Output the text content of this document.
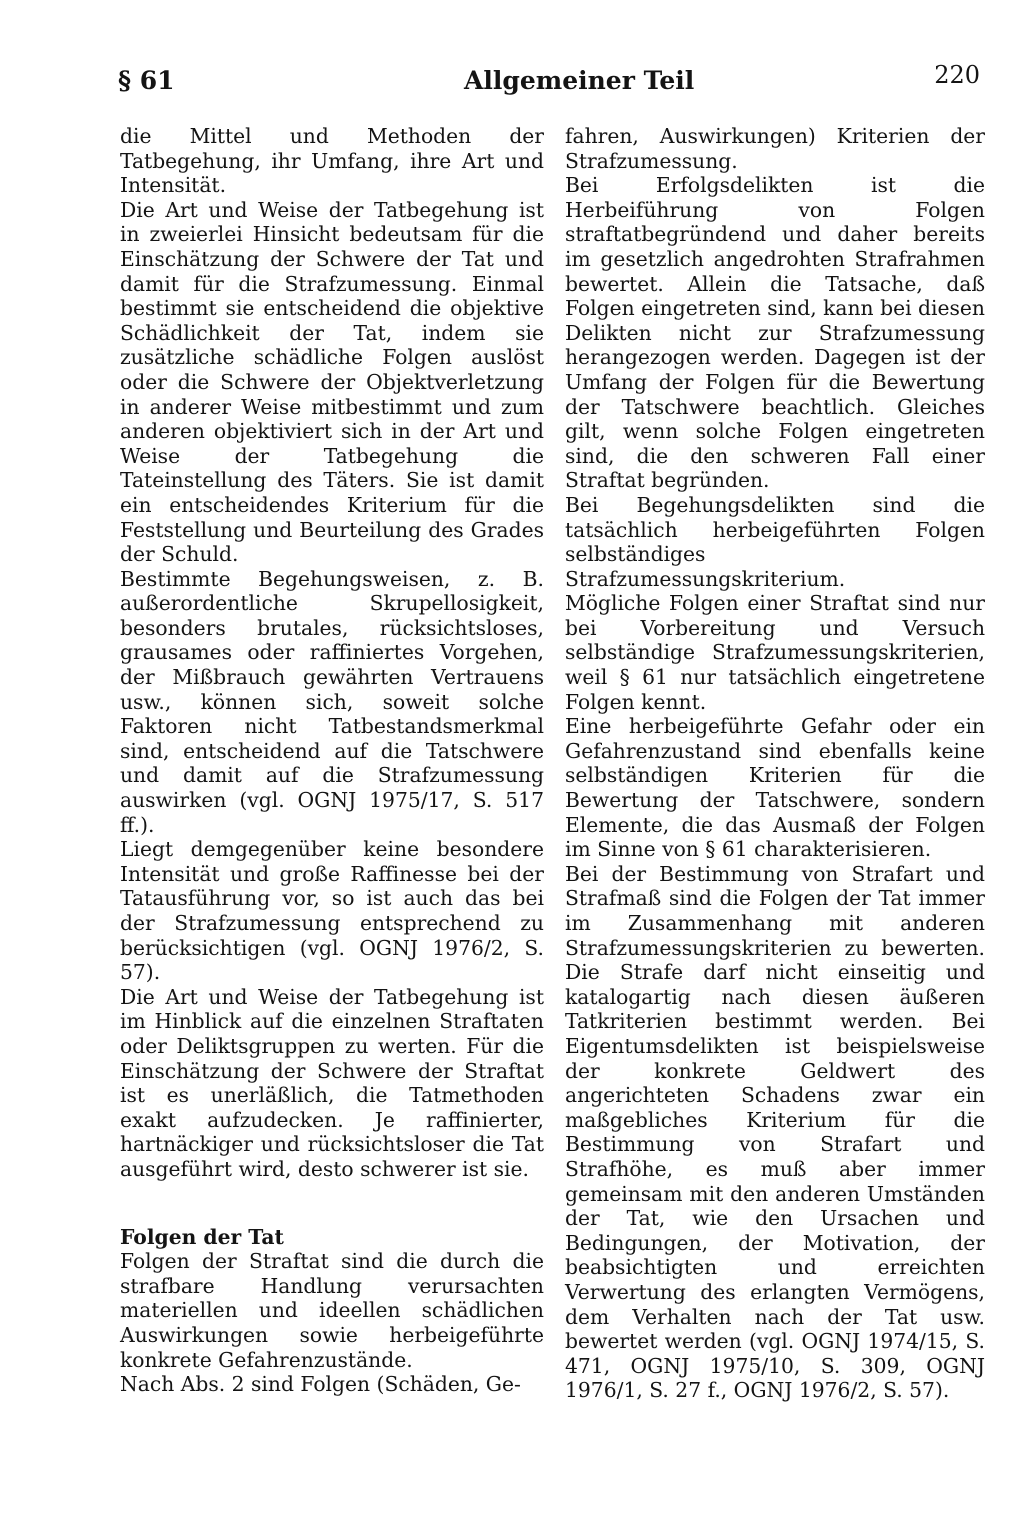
§ 61	Allgemeiner Teil	220

die Mittel und Methoden der Tatbegehung, ihr Umfang, ihre Art und Intensität.

Die Art und Weise der Tatbegehung ist in zweierlei Hinsicht bedeutsam für die Einschätzung der Schwere der Tat und damit für die Strafzumessung. Einmal bestimmt sie entscheidend die objektive Schädlichkeit der Tat, indem sie zusätzliche schädliche Folgen auslöst oder die Schwere der Objektverletzung in anderer Weise mitbestimmt und zum anderen objektiviert sich in der Art und Weise der Tatbegehung die Tateinstellung des Täters. Sie ist damit ein entscheidendes Kriterium für die Feststellung und Beurteilung des Grades der Schuld.

Bestimmte Begehungsweisen, z. B. außerordentliche Skrupellosigkeit, besonders brutales, rücksichtsloses, grausames oder raffiniertes Vorgehen, der Mißbrauch gewährten Vertrauens usw., können sich, soweit solche Faktoren nicht Tatbestandsmerkmal sind, entscheidend auf die Tatschwere und damit auf die Strafzumessung auswirken (vgl. OGNJ 1975/17, S. 517 ff.).

Liegt demgegenüber keine besondere Intensität und große Raffinesse bei der Tatausführung vor, so ist auch das bei der Strafzumessung entsprechend zu berücksichtigen (vgl. OGNJ 1976/2, S. 57).

Die Art und Weise der Tatbegehung ist im Hinblick auf die einzelnen Straftaten oder Deliktsgruppen zu werten. Für die Einschätzung der Schwere der Straftat ist es unerläßlich, die Tatmethoden exakt aufzudecken. Je raffinierter, hartnäckiger und rücksichtsloser die Tat ausgeführt wird, desto schwerer ist sie.

Folgen der Tat

Folgen der Straftat sind die durch die strafbare Handlung verursachten materiellen und ideellen schädlichen Auswirkungen sowie herbeigeführte konkrete Gefahrenzustände.

Nach Abs. 2 sind Folgen (Schäden, Ge-

fahren, Auswirkungen) Kriterien der Strafzumessung.

Bei Erfolgsdelikten ist die Herbeiführung von Folgen straftatbegründend und daher bereits im gesetzlich angedrohten Strafrahmen bewertet. Allein die Tatsache, daß Folgen eingetreten sind, kann bei diesen Delikten nicht zur Strafzumessung herangezogen werden. Dagegen ist der Umfang der Folgen für die Bewertung der Tatschwere beachtlich. Gleiches gilt, wenn solche Folgen eingetreten sind, die den schweren Fall einer Straftat begründen.

Bei Begehungsdelikten sind die tatsächlich herbeigeführten Folgen selbständiges Strafzumessungskriterium.

Mögliche Folgen einer Straftat sind nur bei Vorbereitung und Versuch selbständige Strafzumessungskriterien, weil § 61 nur tatsächlich eingetretene Folgen kennt.

Eine herbeigeführte Gefahr oder ein Gefahrenzustand sind ebenfalls keine selbständigen Kriterien für die Bewertung der Tatschwere, sondern Elemente, die das Ausmaß der Folgen im Sinne von § 61 charakterisieren.

Bei der Bestimmung von Strafart und Strafmaß sind die Folgen der Tat immer im Zusammenhang mit anderen Strafzumessungskriterien zu bewerten. Die Strafe darf nicht einseitig und katalogartig nach diesen äußeren Tatkriterien bestimmt werden. Bei Eigentumsdelikten ist beispielsweise der konkrete Geldwert des angerichteten Schadens zwar ein maßgebliches Kriterium für die Bestimmung von Strafart und Strafhöhe, es muß aber immer gemeinsam mit den anderen Umständen der Tat, wie den Ursachen und Bedingungen, der Motivation, der beabsichtigten und erreichten Verwertung des erlangten Vermögens, dem Verhalten nach der Tat usw. bewertet werden (vgl. OGNJ 1974/15, S. 471, OGNJ 1975/10, S. 309, OGNJ 1976/1, S. 27 f., OGNJ 1976/2, S. 57).
